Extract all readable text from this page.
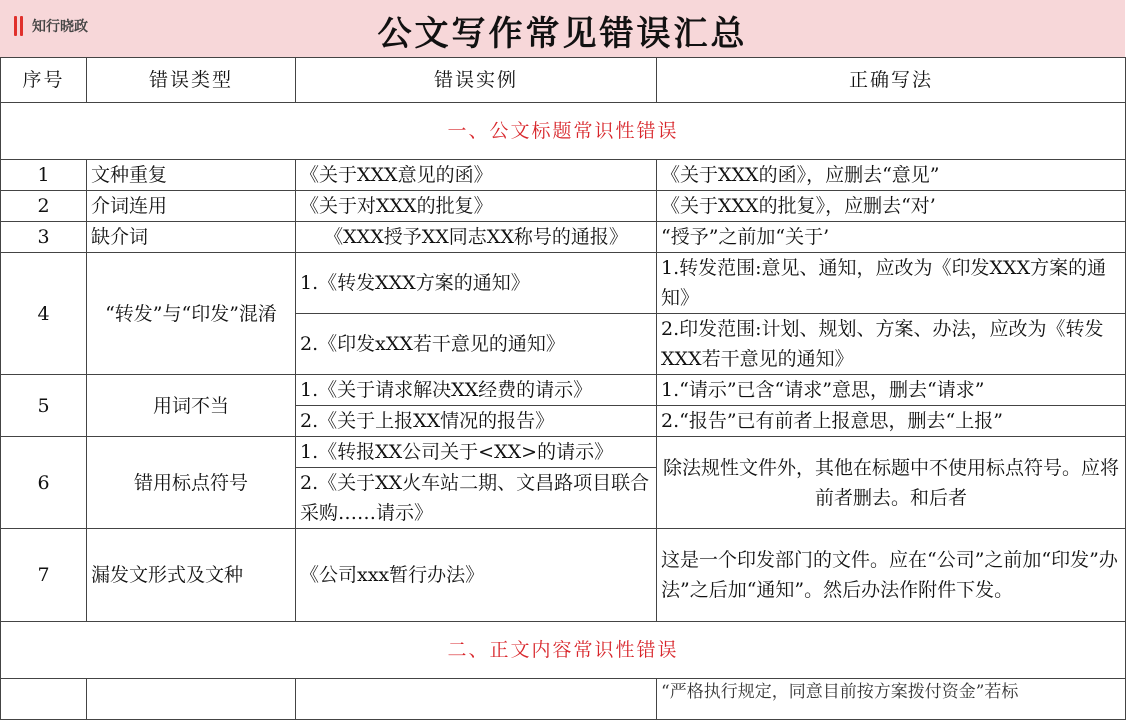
知行晓政	公文写作常见错误汇总
序号	错误类型	错误实例	正确写法
一、公文标题常识性错误			
1	文种重复	《关于XXX意见的函》	《关于XXX的函》，应删去“意见”
2	介词连用	《关于对XXX的批复》	《关于XXX的批复》，应删去“对’
3	缺介词	《XXX授予XX同志XX称号的通报》	“授予”之前加“关于’
4	“转发”与“印发”混淆	1.《转发XXX方案的通知》	1.转发范围:意见、通知，应改为《印发XXX方案的通知》
		2.《印发xXX若干意见的通知》	2.印发范围:计划、规划、方案、办法，应改为《转发XXX若干意见的通知》
5	用词不当	1.《关于请求解决XX经费的请示》	1.“请示”已含“请求”意思，删去“请求”
		2.《关于上报XX情况的报告》	2.“报告”已有前者上报意思，删去“上报”
6	错用标点符号	1.《转报XX公司关于<XX>的请示》	除法规性文件外，其他在标题中不使用标点符号。应将前者删去。和后者
		2.《关于XX火车站二期、文昌路项目联合采购……请示》	
7	漏发文形式及文种	《公司xxx暂行办法》	这是一个印发部门的文件。应在“公司”之前加“印发”办法”之后加“通知”。然后办法作附件下发。
二、正文内容常识性错误			

			“严格执行规定，同意目前按方案拨付资金”若标
